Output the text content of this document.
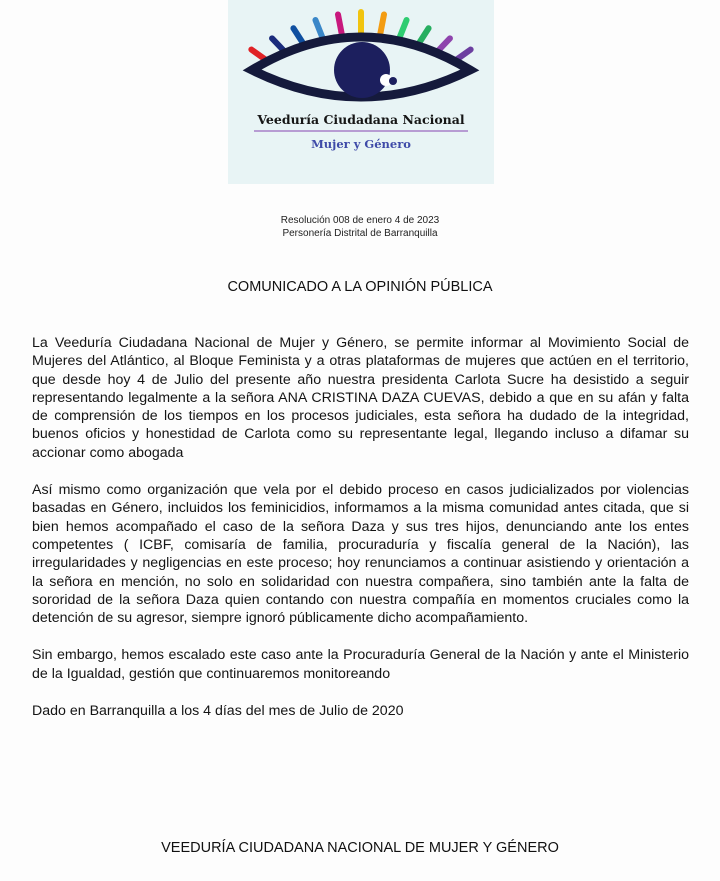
Veeduría Ciudadana Nacional
Mujer y Género
Resolución 008 de enero 4 de 2023
Personería Distrital de Barranquilla
COMUNICADO A LA OPINIÓN PÚBLICA

La Veeduría Ciudadana Nacional de Mujer y Género, se permite informar al Movimiento Social de Mujeres del Atlántico, al Bloque Feminista y a otras plataformas de mujeres que actúen en el territorio, que desde hoy 4 de Julio del presente año nuestra presidenta Carlota Sucre ha desistido a seguir representando legalmente a la señora ANA CRISTINA DAZA CUEVAS, debido a que en su afán y falta de comprensión de los tiempos en los procesos judiciales, esta señora ha dudado de la integridad, buenos oficios y honestidad de Carlota como su representante legal, llegando incluso a difamar su accionar como abogada

Así mismo como organización que vela por el debido proceso en casos judicializados por violencias basadas en Género, incluidos los feminicidios, informamos a la misma comunidad antes citada, que si bien hemos acompañado el caso de la señora Daza y sus tres hijos, denunciando ante los entes competentes ( ICBF, comisaría de familia, procuraduría y fiscalía general de la Nación), las irregularidades y negligencias en este proceso; hoy renunciamos a continuar asistiendo y orientación a la señora en mención, no solo en solidaridad con nuestra compañera, sino también ante la falta de sororidad de la señora Daza quien contando con nuestra compañía en momentos cruciales como la detención de su agresor, siempre ignoró públicamente dicho acompañamiento.

Sin embargo, hemos escalado este caso ante la Procuraduría General de la Nación y ante el Ministerio de la Igualdad, gestión que continuaremos monitoreando

Dado en Barranquilla a los 4 días del mes de Julio de 2020

VEEDURÍA CIUDADANA NACIONAL DE MUJER Y GÉNERO
